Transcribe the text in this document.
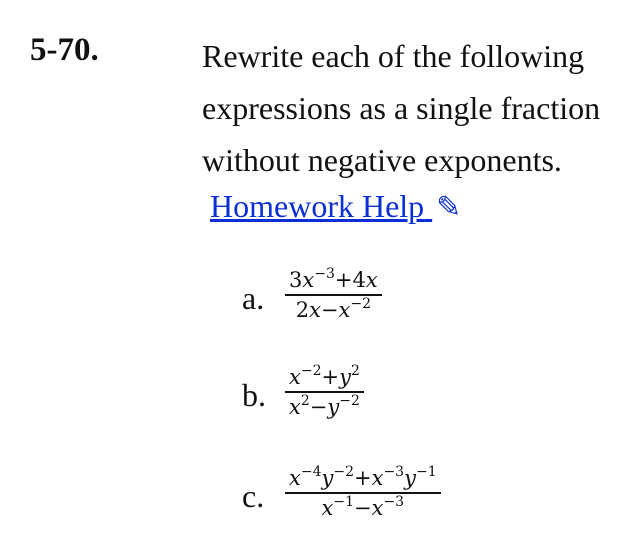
5-70.	Rewrite each of the following
expressions as a single fraction
without negative exponents.
Homework Help ✎
a. $3x^{-3}+4x$
$2x-x^{-2}$
b. $x^{-2}+y^2$
$x^2-y^{-2}$
c. $x^{-4}y^{-2}+x^{-3}y^{-1}$
$x^{-1}-x^{-3}$
